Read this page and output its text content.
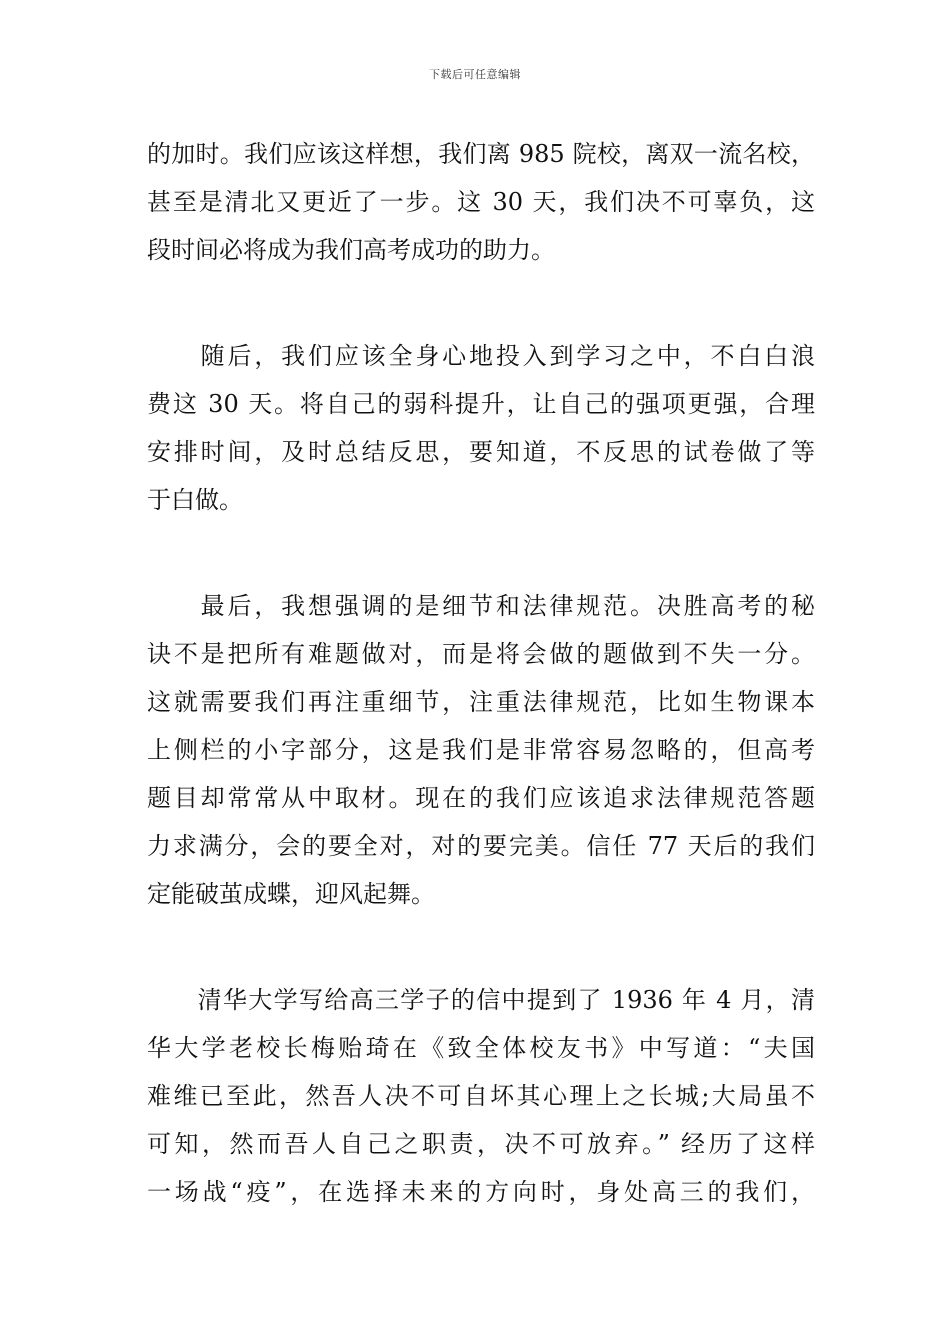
下载后可任意编辑
的加时。我们应该这样想，我们离 985 院校，离双一流名校，
甚至是清北又更近了一步。这 30 天，我们决不可辜负，这
段时间必将成为我们高考成功的助力。
　　随后，我们应该全身心地投入到学习之中，不白白浪
费这 30 天。将自己的弱科提升，让自己的强项更强，合理
安排时间，及时总结反思，要知道，不反思的试卷做了等
于白做。
　　最后，我想强调的是细节和法律规范。决胜高考的秘
诀不是把所有难题做对，而是将会做的题做到不失一分。
这就需要我们再注重细节，注重法律规范，比如生物课本
上侧栏的小字部分，这是我们是非常容易忽略的，但高考
题目却常常从中取材。现在的我们应该追求法律规范答题
力求满分，会的要全对，对的要完美。信任 77 天后的我们
定能破茧成蝶，迎风起舞。
　　清华大学写给高三学子的信中提到了 1936 年 4 月，清
华大学老校长梅贻琦在《致全体校友书》中写道：“夫国
难维已至此，然吾人决不可自坏其心理上之长城;大局虽不
可知，然而吾人自己之职责，决不可放弃。” 经历了这样
一场战“疫”，在选择未来的方向时，身处高三的我们，
